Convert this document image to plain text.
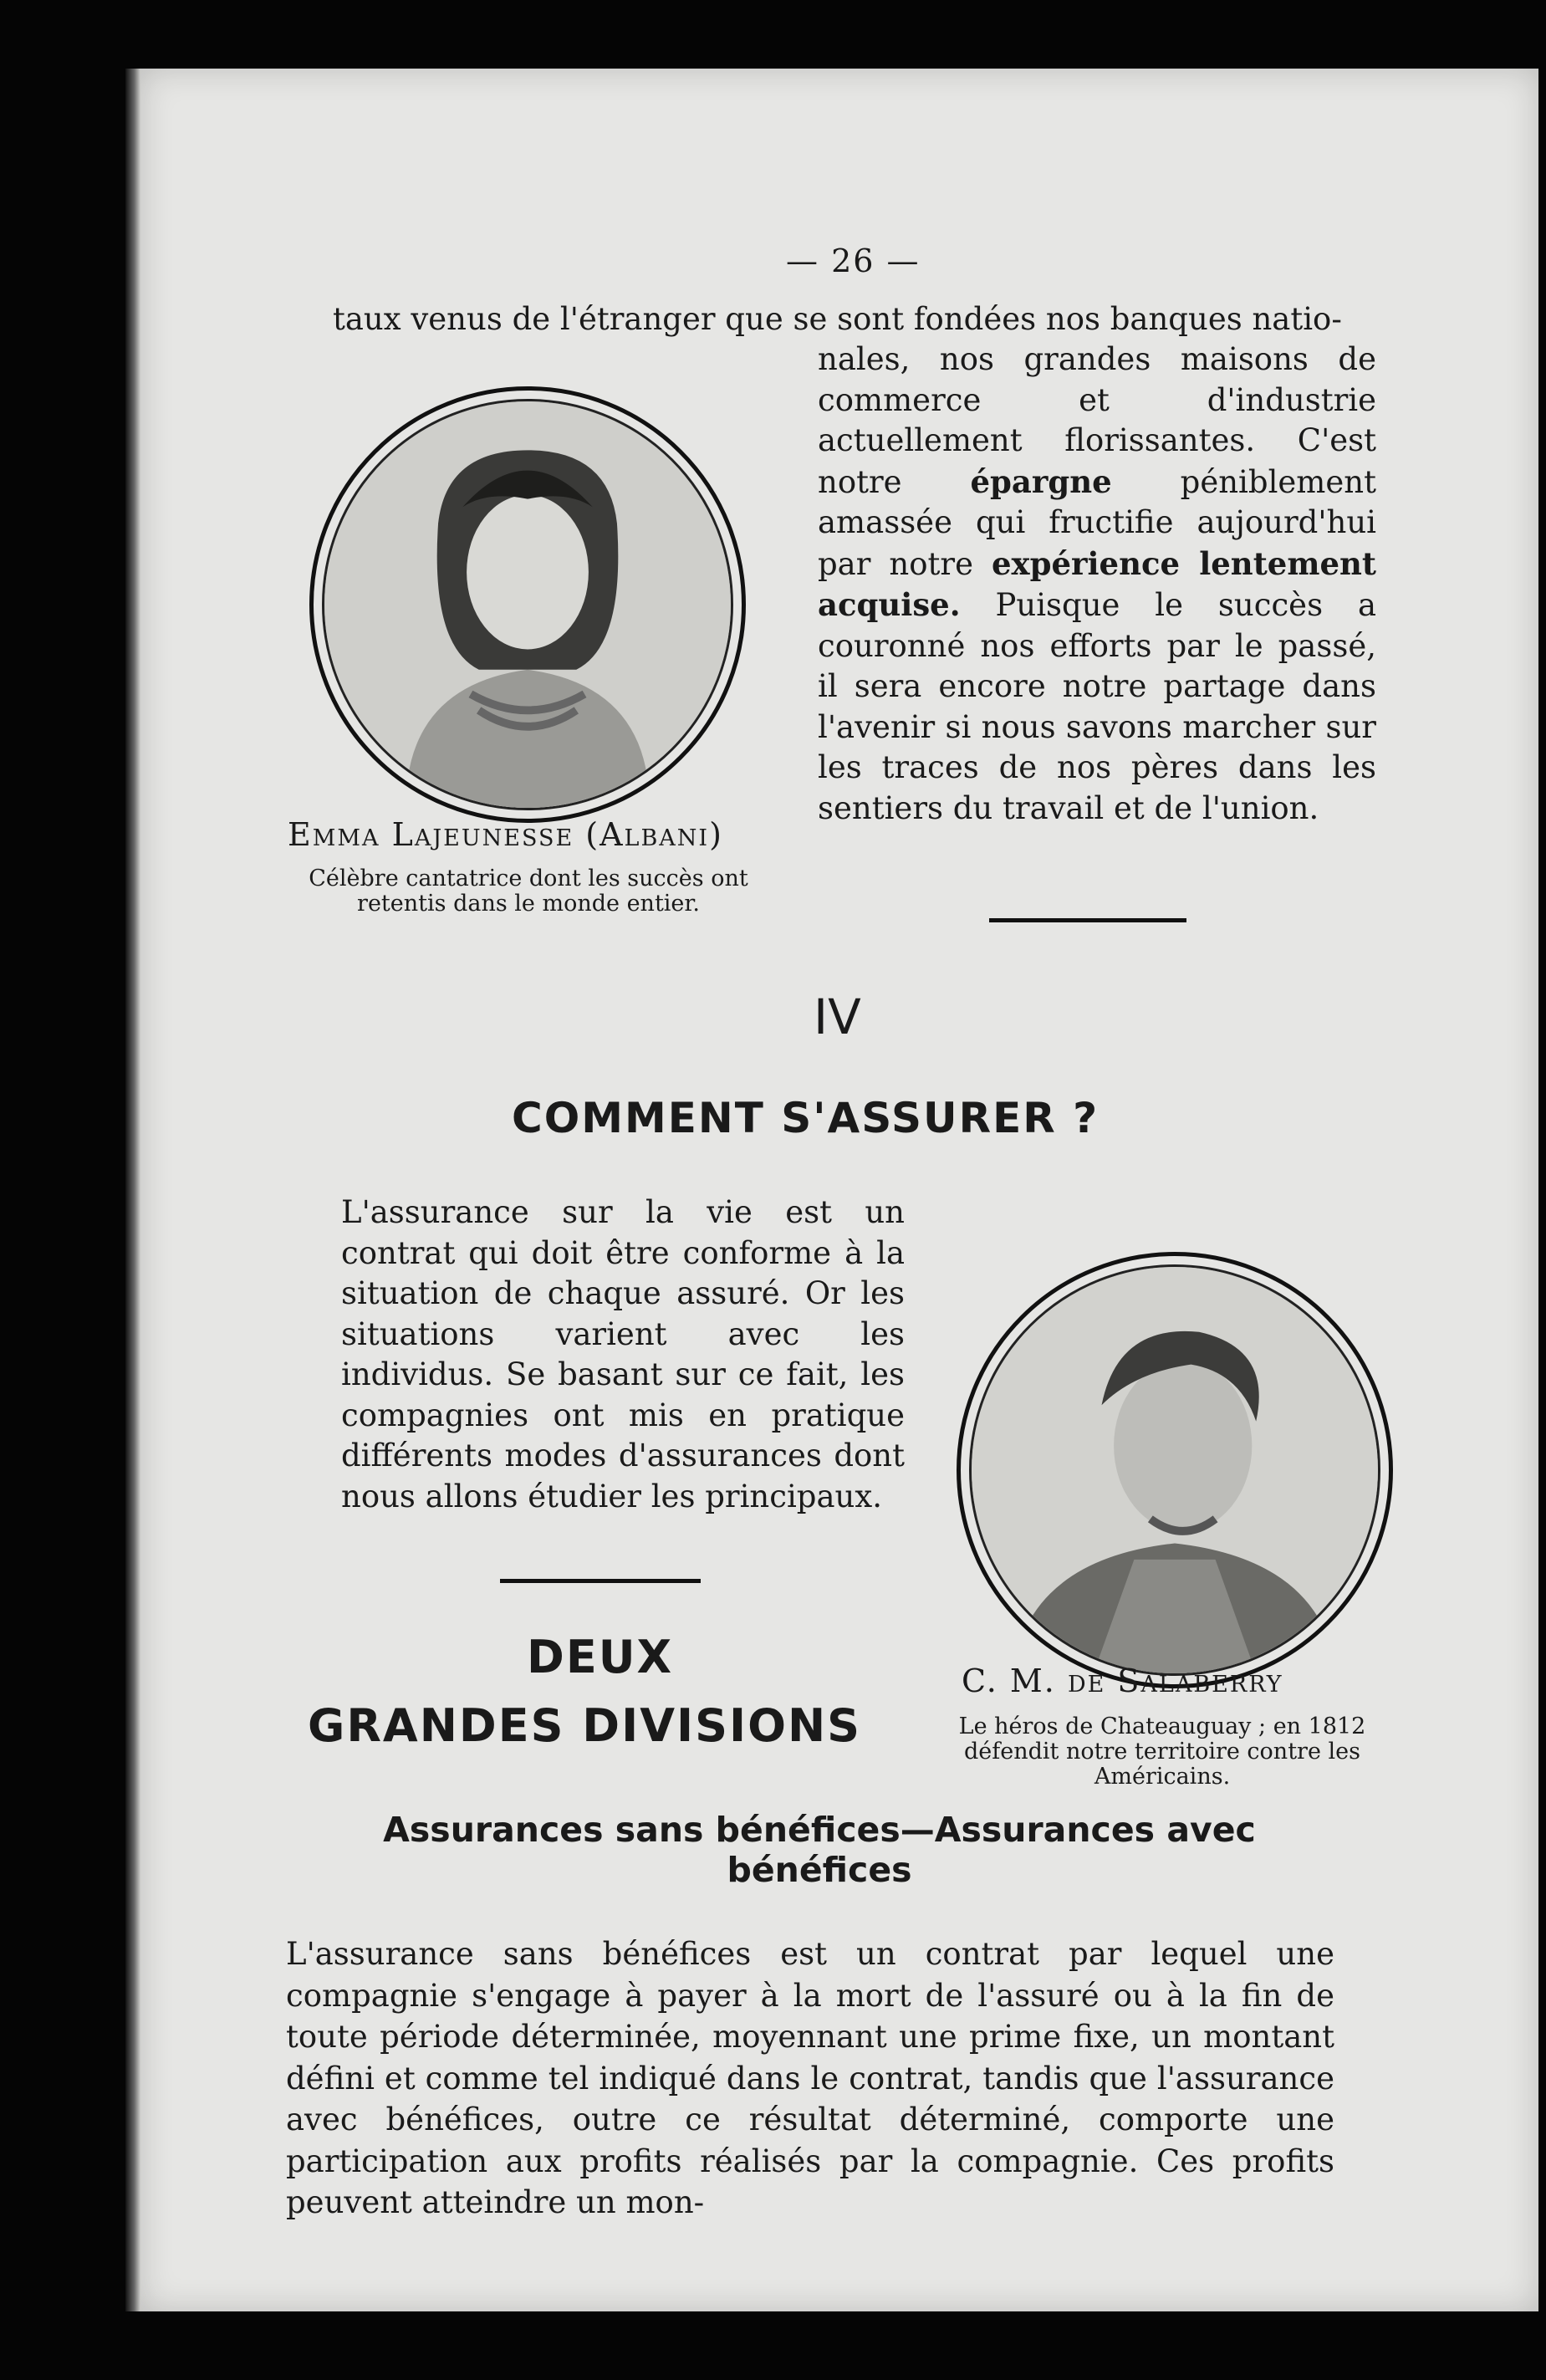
— 26 —

taux venus de l'étranger que se sont fondées nos banques natio-

nales, nos grandes maisons de commerce et d'industrie actuellement florissantes. C'est notre épargne péniblement amassée qui fructifie aujourd'hui par notre expérience lentement acquise. Puisque le succès a couronné nos efforts par le passé, il sera encore notre partage dans l'avenir si nous savons marcher sur les traces de nos pères dans les sentiers du travail et de l'union.

Emma Lajeunesse (Albani)
Célèbre cantatrice dont les succès ont retentis dans le monde entier.
IV
COMMENT S'ASSURER ?

L'assurance sur la vie est un contrat qui doit être conforme à la situation de chaque assuré. Or les situations varient avec les individus. Se basant sur ce fait, les compagnies ont mis en pratique différents modes d'assurances dont nous allons étudier les principaux.

DEUX
GRANDES DIVISIONS
C. M. de Salaberry
Le héros de Chateauguay ; en 1812 défendit notre territoire contre les Américains.
Assurances sans bénéfices—Assurances avec bénéfices

L'assurance sans bénéfices est un contrat par lequel une compagnie s'engage à payer à la mort de l'assuré ou à la fin de toute période déterminée, moyennant une prime fixe, un montant défini et comme tel indiqué dans le contrat, tandis que l'assurance avec bénéfices, outre ce résultat déterminé, comporte une participation aux profits réalisés par la compagnie. Ces profits peuvent atteindre un mon-
